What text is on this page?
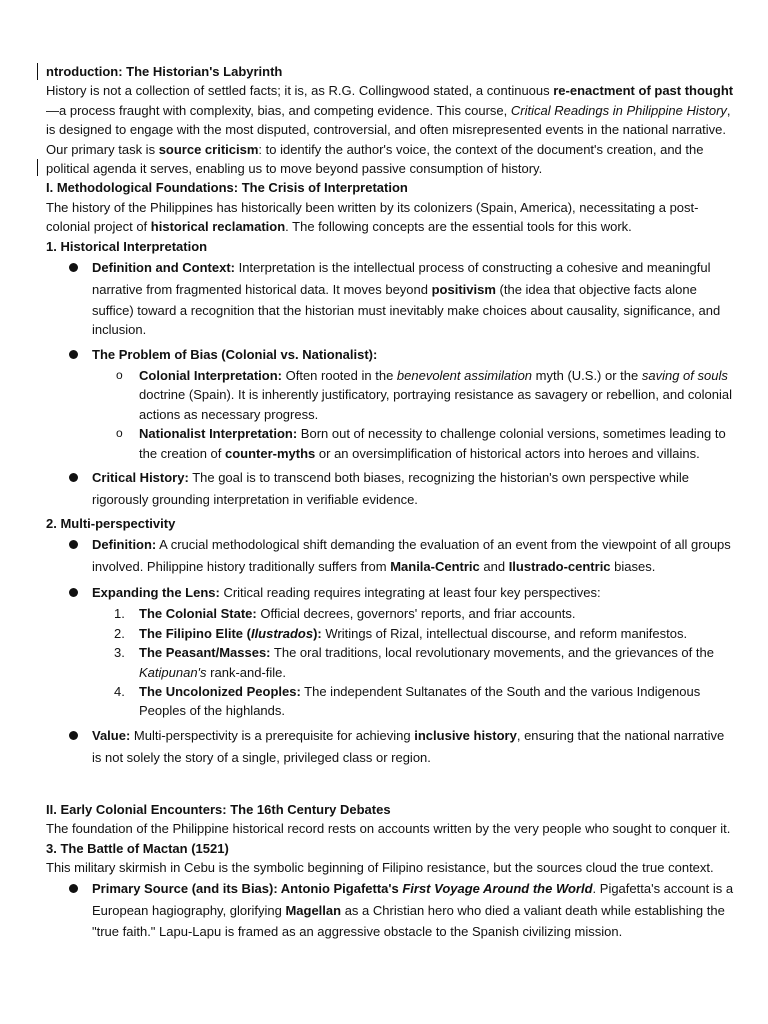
ntroduction: The Historian's Labyrinth
History is not a collection of settled facts; it is, as R.G. Collingwood stated, a continuous re-enactment of past thought
—a process fraught with complexity, bias, and competing evidence. This course, Critical Readings in Philippine History,
is designed to engage with the most disputed, controversial, and often misrepresented events in the national narrative.
Our primary task is source criticism: to identify the author's voice, the context of the document's creation, and the
political agenda it serves, enabling us to move beyond passive consumption of history.
I. Methodological Foundations: The Crisis of Interpretation
The history of the Philippines has historically been written by its colonizers (Spain, America), necessitating a post-
colonial project of historical reclamation. The following concepts are the essential tools for this work.
1. Historical Interpretation
Definition and Context: Interpretation is the intellectual process of constructing a cohesive and meaningful
narrative from fragmented historical data. It moves beyond positivism (the idea that objective facts alone
suffice) toward a recognition that the historian must inevitably make choices about causality, significance, and
inclusion.
The Problem of Bias (Colonial vs. Nationalist):
o Colonial Interpretation: Often rooted in the benevolent assimilation myth (U.S.) or the saving of souls
doctrine (Spain). It is inherently justificatory, portraying resistance as savagery or rebellion, and colonial
actions as necessary progress.
o Nationalist Interpretation: Born out of necessity to challenge colonial versions, sometimes leading to
the creation of counter-myths or an oversimplification of historical actors into heroes and villains.
Critical History: The goal is to transcend both biases, recognizing the historian's own perspective while
rigorously grounding interpretation in verifiable evidence.
2. Multi-perspectivity
Definition: A crucial methodological shift demanding the evaluation of an event from the viewpoint of all groups
involved. Philippine history traditionally suffers from Manila-Centric and Ilustrado-centric biases.
Expanding the Lens: Critical reading requires integrating at least four key perspectives:
1. The Colonial State: Official decrees, governors' reports, and friar accounts.
2. The Filipino Elite (Ilustrados): Writings of Rizal, intellectual discourse, and reform manifestos.
3. The Peasant/Masses: The oral traditions, local revolutionary movements, and the grievances of the
Katipunan's rank-and-file.
4. The Uncolonized Peoples: The independent Sultanates of the South and the various Indigenous
Peoples of the highlands.
Value: Multi-perspectivity is a prerequisite for achieving inclusive history, ensuring that the national narrative
is not solely the story of a single, privileged class or region.
II. Early Colonial Encounters: The 16th Century Debates
The foundation of the Philippine historical record rests on accounts written by the very people who sought to conquer it.
3. The Battle of Mactan (1521)
This military skirmish in Cebu is the symbolic beginning of Filipino resistance, but the sources cloud the true context.
Primary Source (and its Bias): Antonio Pigafetta's First Voyage Around the World. Pigafetta's account is a
European hagiography, glorifying Magellan as a Christian hero who died a valiant death while establishing the
"true faith." Lapu-Lapu is framed as an aggressive obstacle to the Spanish civilizing mission.
